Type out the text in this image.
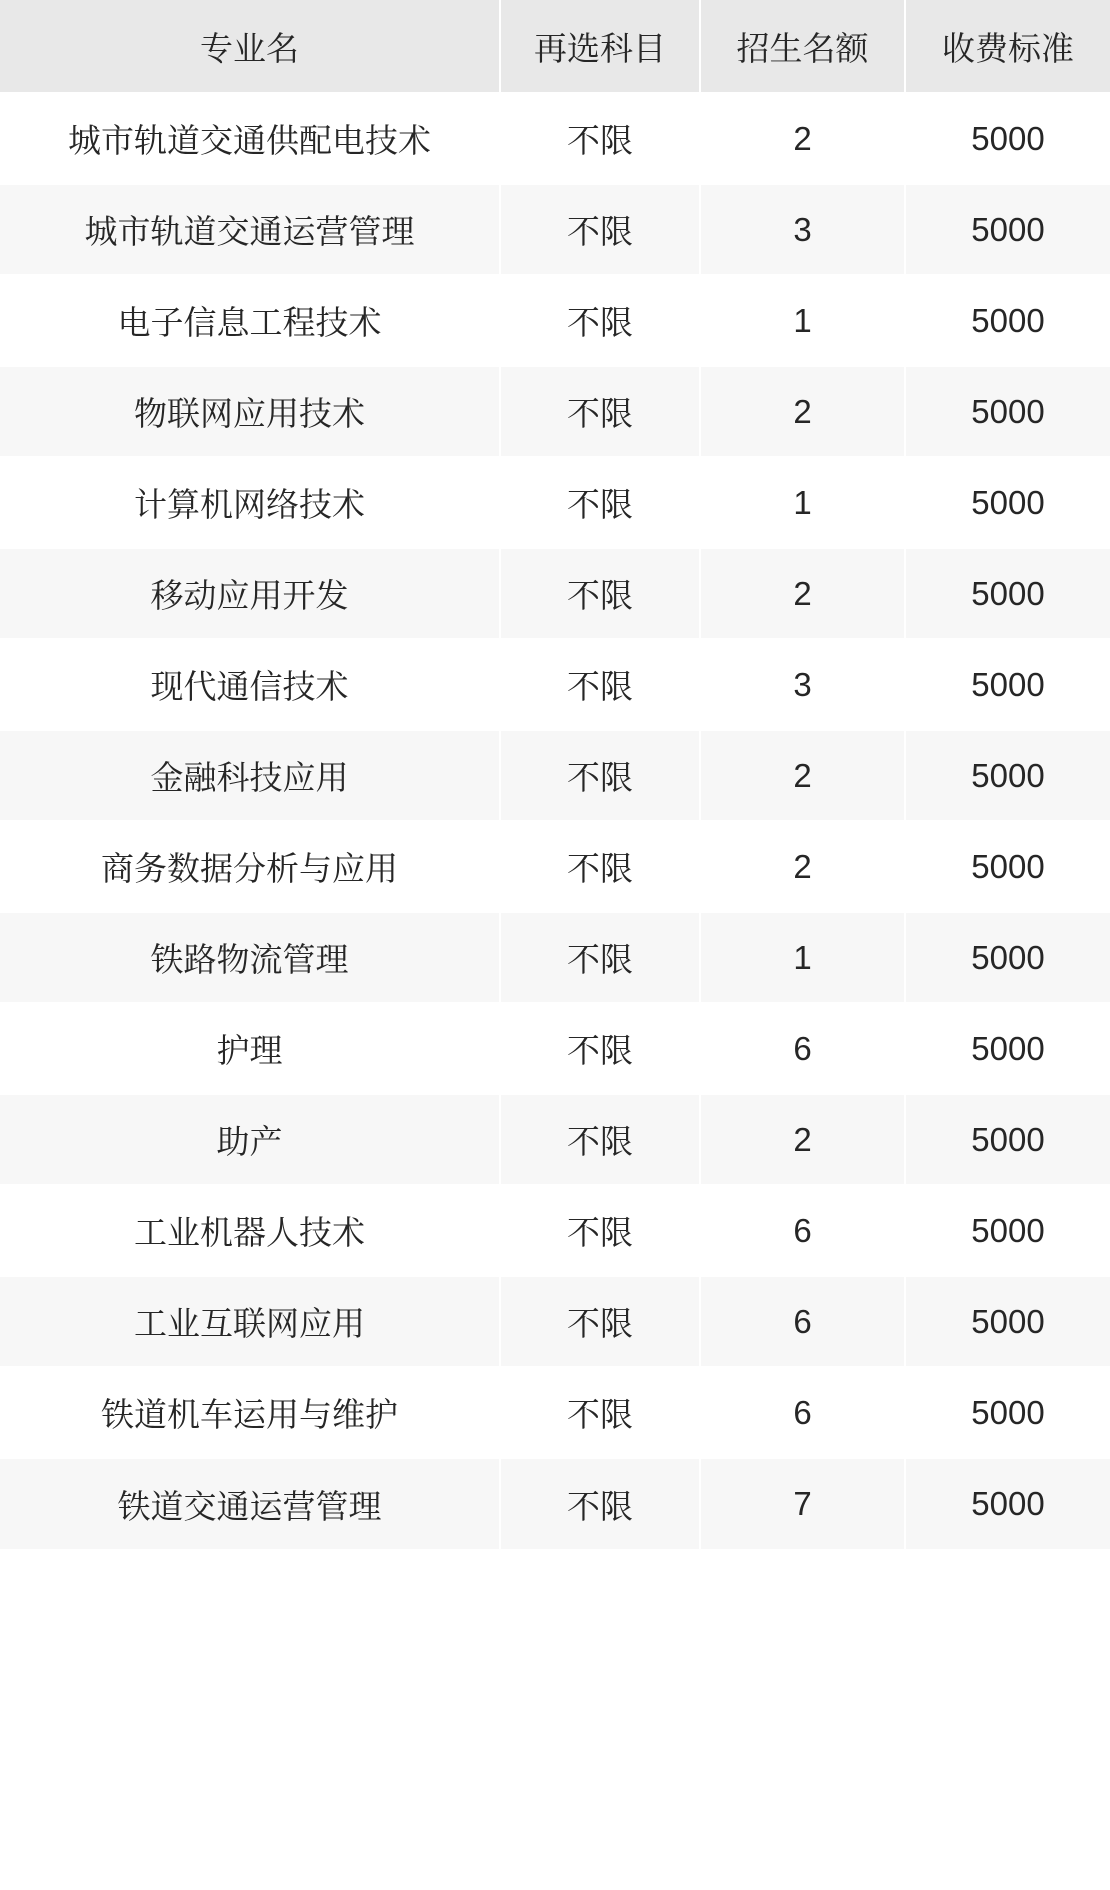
专业名	再选科目	招生名额	收费标准
城市轨道交通供配电技术	不限	2	5000
城市轨道交通运营管理	不限	3	5000
电子信息工程技术	不限	1	5000
物联网应用技术	不限	2	5000
计算机网络技术	不限	1	5000
移动应用开发	不限	2	5000
现代通信技术	不限	3	5000
金融科技应用	不限	2	5000
商务数据分析与应用	不限	2	5000
铁路物流管理	不限	1	5000
护理	不限	6	5000
助产	不限	2	5000
工业机器人技术	不限	6	5000
工业互联网应用	不限	6	5000
铁道机车运用与维护	不限	6	5000
铁道交通运营管理	不限	7	5000
